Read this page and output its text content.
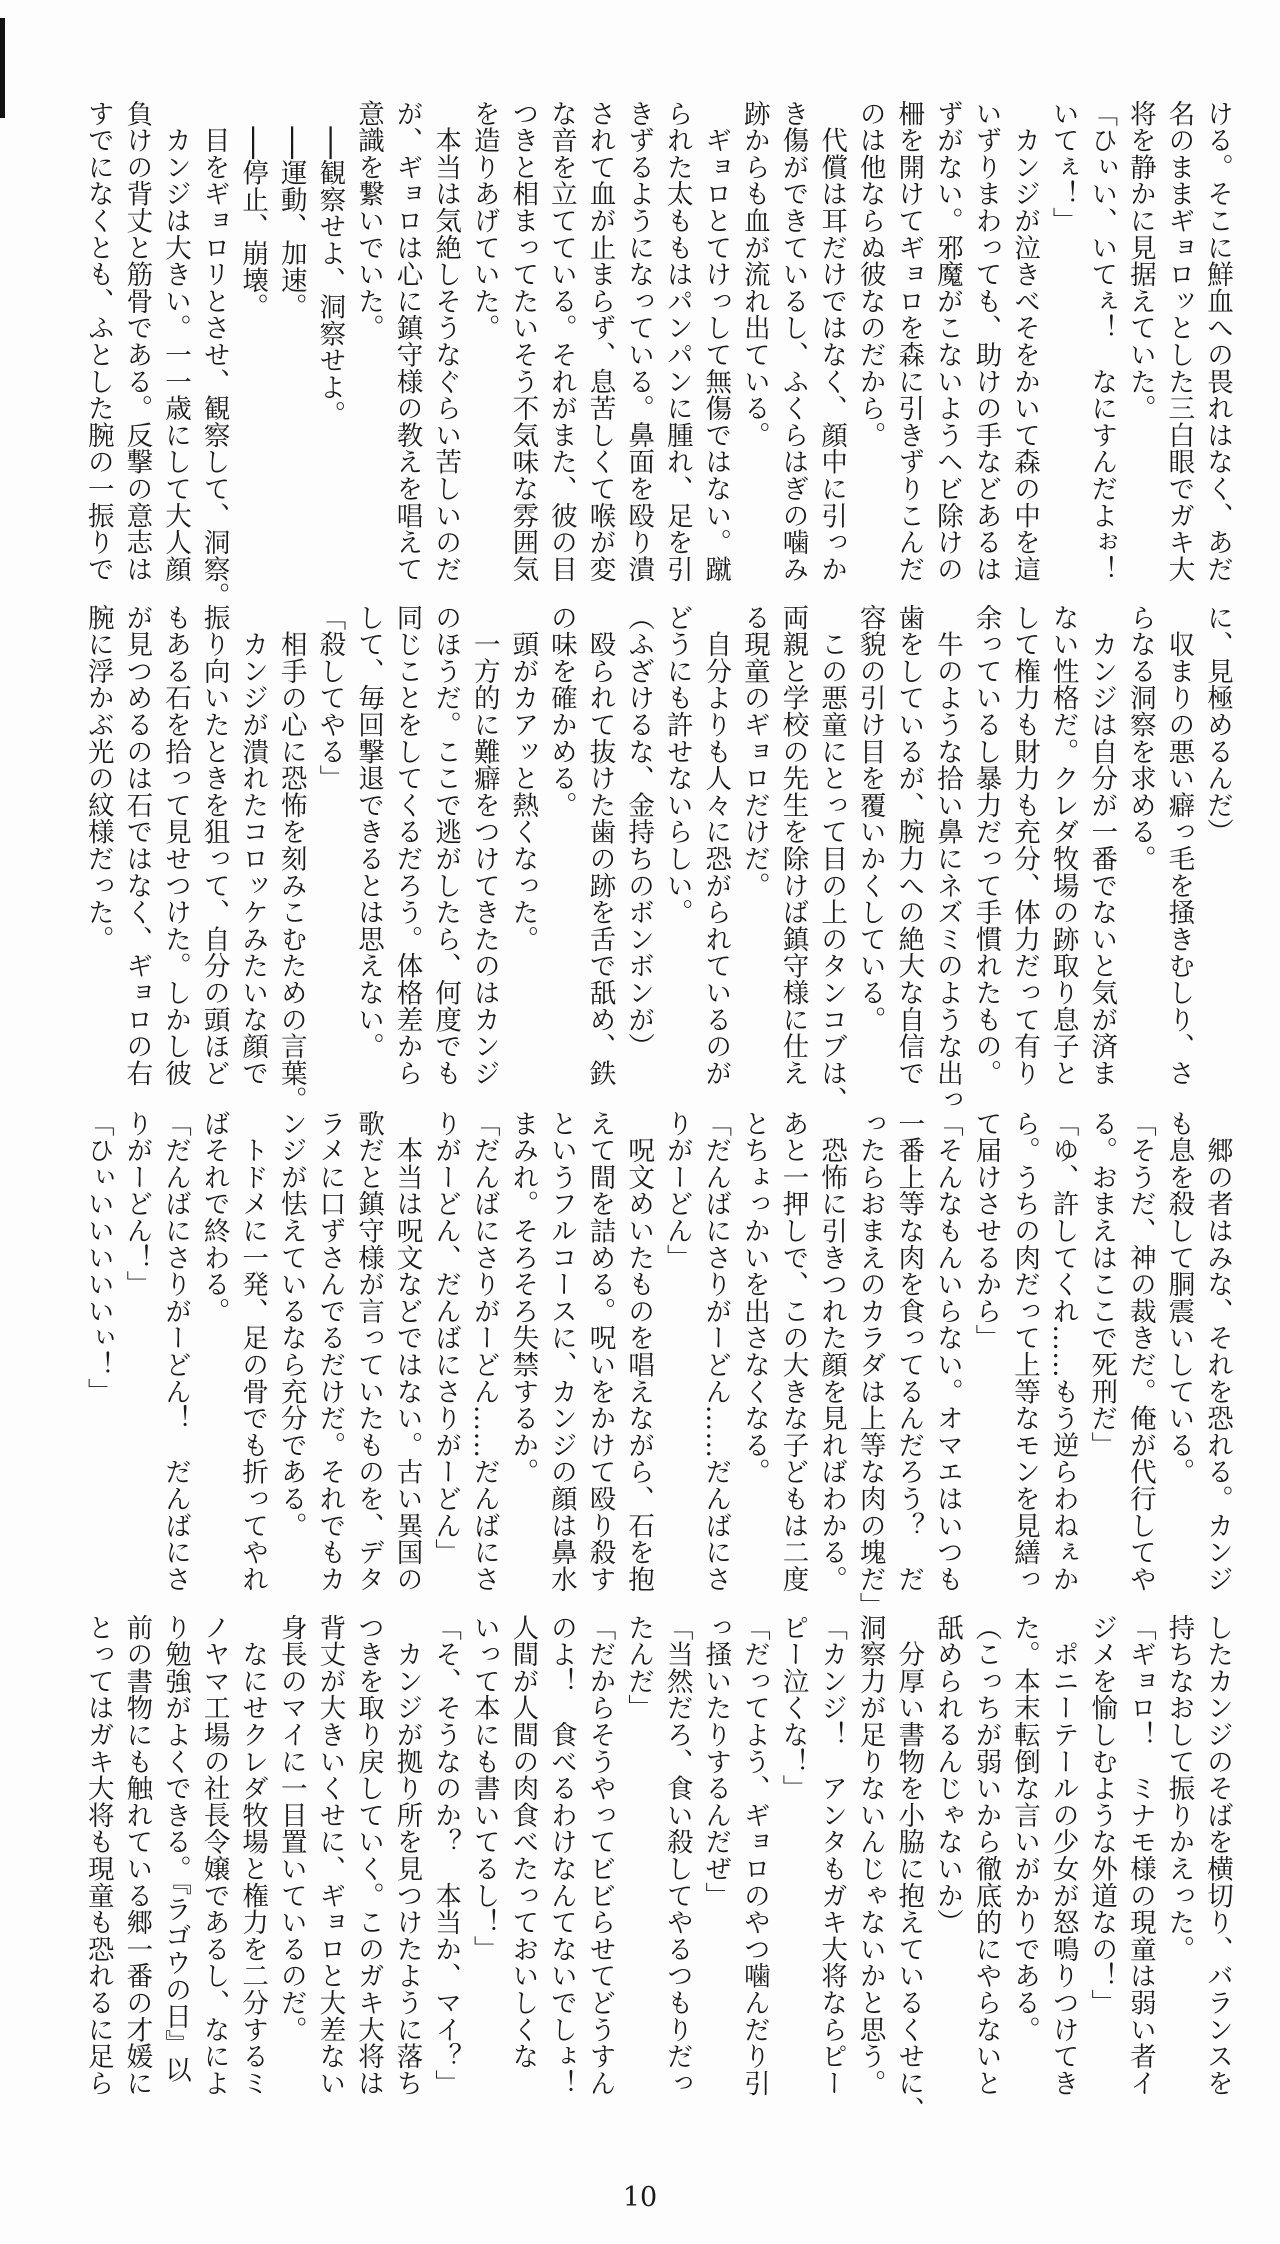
ける。そこに鮮血への畏れはなく、あだ
名のままギョロッとした三白眼でガキ大
将を静かに見据えていた。
「ひぃい、いてぇ！　なにすんだよぉ！
いてぇ！」
　カンジが泣きべそをかいて森の中を這
いずりまわっても、助けの手などあるは
ずがない。邪魔がこないようヘビ除けの
柵を開けてギョロを森に引きずりこんだ
のは他ならぬ彼なのだから。
　代償は耳だけではなく、顔中に引っか
き傷ができているし、ふくらはぎの噛み
跡からも血が流れ出ている。
　ギョロとてけっして無傷ではない。蹴
られた太ももはパンパンに腫れ、足を引
きずるようになっている。鼻面を殴り潰
されて血が止まらず、息苦しくて喉が変
な音を立てている。それがまた、彼の目
つきと相まってたいそう不気味な雰囲気
を造りあげていた。
　本当は気絶しそうなぐらい苦しいのだ
が、ギョロは心に鎮守様の教えを唱えて
意識を繋いでいた。
　──観察せよ、洞察せよ。
　──運動、加速。
　──停止、崩壊。
　目をギョロリとさせ、観察して、洞察。
　カンジは大きい。一一歳にして大人顔
負けの背丈と筋骨である。反撃の意志は
すでになくとも、ふとした腕の一振りで
に、見極めるんだ）
　収まりの悪い癖っ毛を掻きむしり、さ
らなる洞察を求める。
　カンジは自分が一番でないと気が済ま
ない性格だ。クレダ牧場の跡取り息子と
して権力も財力も充分、体力だって有り
余っているし暴力だって手慣れたもの。
　牛のような拾い鼻にネズミのような出っ
歯をしているが、腕力への絶大な自信で
容貌の引け目を覆いかくしている。
　この悪童にとって目の上のタンコブは、
両親と学校の先生を除けば鎮守様に仕え
る現童のギョロだけだ。
　自分よりも人々に恐がられているのが
どうにも許せないらしい。
（ふざけるな、金持ちのボンボンが）
　殴られて抜けた歯の跡を舌で舐め、鉄
の味を確かめる。
　頭がカアッと熱くなった。
　一方的に難癖をつけてきたのはカンジ
のほうだ。ここで逃がしたら、何度でも
同じことをしてくるだろう。体格差から
して、毎回撃退できるとは思えない。
「殺してやる」
　相手の心に恐怖を刻みこむための言葉。
　カンジが潰れたコロッケみたいな顔で
振り向いたときを狙って、自分の頭ほど
もある石を拾って見せつけた。しかし彼
が見つめるのは石ではなく、ギョロの右
腕に浮かぶ光の紋様だった。
　郷の者はみな、それを恐れる。カンジ
も息を殺して胴震いしている。
「そうだ、神の裁きだ。俺が代行してや
る。おまえはここで死刑だ」
「ゆ、許してくれ……もう逆らわねぇか
ら。うちの肉だって上等なモンを見繕っ
て届けさせるから」
「そんなもんいらない。オマエはいつも
一番上等な肉を食ってるんだろう？　だ
ったらおまえのカラダは上等な肉の塊だ」
　恐怖に引きつれた顔を見ればわかる。
あと一押しで、この大きな子どもは二度
とちょっかいを出さなくなる。
「だんばにさりがーどん……だんばにさ
りがーどん」
　呪文めいたものを唱えながら、石を抱
えて間を詰める。呪いをかけて殴り殺す
というフルコースに、カンジの顔は鼻水
まみれ。そろそろ失禁するか。
「だんばにさりがーどん……だんばにさ
りがーどん、だんばにさりがーどん」
　本当は呪文などではない。古い異国の
歌だと鎮守様が言っていたものを、デタ
ラメに口ずさんでるだけだ。それでもカ
ンジが怯えているなら充分である。
　トドメに一発、足の骨でも折ってやれ
ばそれで終わる。
「だんばにさりがーどん！　だんばにさ
りがーどん！」
「ひぃいいいいいぃ！」
したカンジのそばを横切り、バランスを
持ちなおして振りかえった。
「ギョロ！　ミナモ様の現童は弱い者イ
ジメを愉しむような外道なの！」
　ポニーテールの少女が怒鳴りつけてき
た。本末転倒な言いがかりである。
（こっちが弱いから徹底的にやらないと
舐められるんじゃないか）
　分厚い書物を小脇に抱えているくせに、
洞察力が足りないんじゃないかと思う。
「カンジ！　アンタもガキ大将ならピー
ピー泣くな！」
「だってよう、ギョロのやつ噛んだり引
っ掻いたりするんだぜ」
「当然だろ、食い殺してやるつもりだっ
たんだ」
「だからそうやってビビらせてどうすん
のよ！　食べるわけなんてないでしょ！
人間が人間の肉食べたっておいしくな
いって本にも書いてるし！」
「そ、そうなのか？　本当か、マイ？」
　カンジが拠り所を見つけたように落ち
つきを取り戻していく。このガキ大将は
背丈が大きいくせに、ギョロと大差ない
身長のマイに一目置いているのだ。
　なにせクレダ牧場と権力を二分するミ
ノヤマ工場の社長令嬢であるし、なによ
り勉強がよくできる。『ラゴウの日』以
前の書物にも触れている郷一番の才媛に
とってはガキ大将も現童も恐れるに足ら
10
